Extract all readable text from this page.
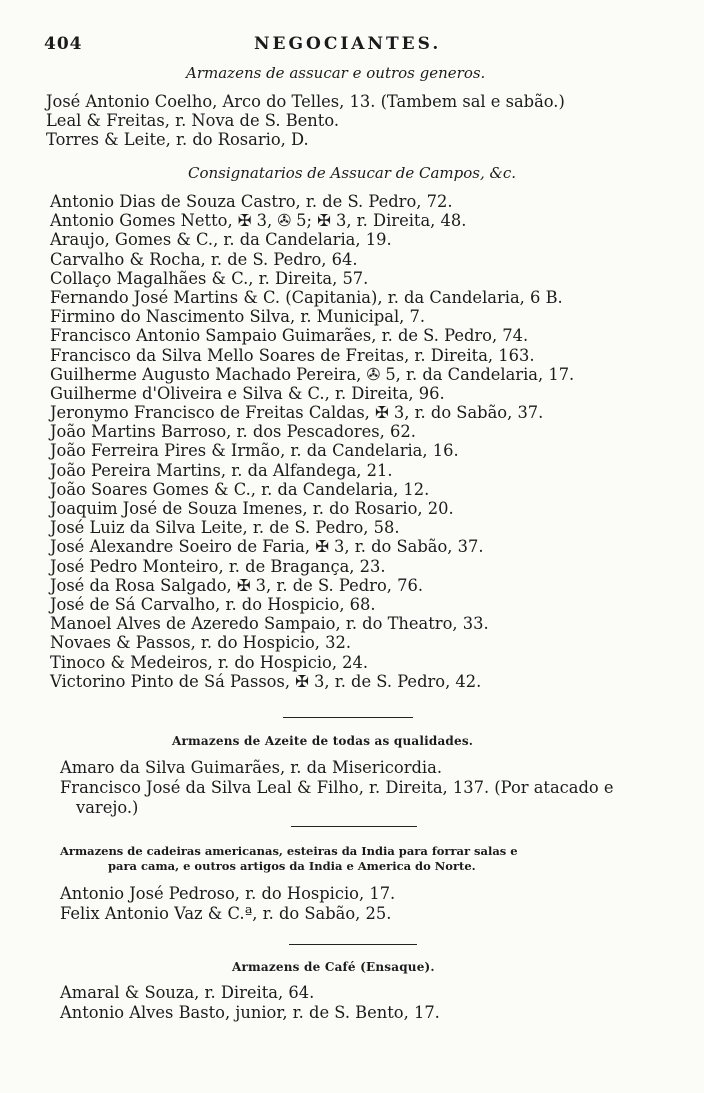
404	NEGOCIANTES.
Armazens de assucar e outros generos.
José Antonio Coelho, Arco do Telles, 13. (Tambem sal e sabão.)
Leal & Freitas, r. Nova de S. Bento.
Torres & Leite, r. do Rosario, D.
Consignatarios de Assucar de Campos, &c.
Antonio Dias de Souza Castro, r. de S. Pedro, 72.
Antonio Gomes Netto, ✠ 3, ✇ 5; ✠ 3, r. Direita, 48.
Araujo, Gomes & C., r. da Candelaria, 19.
Carvalho & Rocha, r. de S. Pedro, 64.
Collaço Magalhães & C., r. Direita, 57.
Fernando José Martins & C. (Capitania), r. da Candelaria, 6 B.
Firmino do Nascimento Silva, r. Municipal, 7.
Francisco Antonio Sampaio Guimarães, r. de S. Pedro, 74.
Francisco da Silva Mello Soares de Freitas, r. Direita, 163.
Guilherme Augusto Machado Pereira, ✇ 5, r. da Candelaria, 17.
Guilherme d'Oliveira e Silva & C., r. Direita, 96.
Jeronymo Francisco de Freitas Caldas, ✠ 3, r. do Sabão, 37.
João Martins Barroso, r. dos Pescadores, 62.
João Ferreira Pires & Irmão, r. da Candelaria, 16.
João Pereira Martins, r. da Alfandega, 21.
João Soares Gomes & C., r. da Candelaria, 12.
Joaquim José de Souza Imenes, r. do Rosario, 20.
José Luiz da Silva Leite, r. de S. Pedro, 58.
José Alexandre Soeiro de Faria, ✠ 3, r. do Sabão, 37.
José Pedro Monteiro, r. de Bragança, 23.
José da Rosa Salgado, ✠ 3, r. de S. Pedro, 76.
José de Sá Carvalho, r. do Hospicio, 68.
Manoel Alves de Azeredo Sampaio, r. do Theatro, 33.
Novaes & Passos, r. do Hospicio, 32.
Tinoco & Medeiros, r. do Hospicio, 24.
Victorino Pinto de Sá Passos, ✠ 3, r. de S. Pedro, 42.
Armazens de Azeite de todas as qualidades.
Amaro da Silva Guimarães, r. da Misericordia.
Francisco José da Silva Leal & Filho, r. Direita, 137. (Por atacado e
varejo.)
Armazens de cadeiras americanas, esteiras da India para forrar salas e
para cama, e outros artigos da India e America do Norte.
Antonio José Pedroso, r. do Hospicio, 17.
Felix Antonio Vaz & C.ª, r. do Sabão, 25.
Armazens de Café (Ensaque).
Amaral & Souza, r. Direita, 64.
Antonio Alves Basto, junior, r. de S. Bento, 17.
